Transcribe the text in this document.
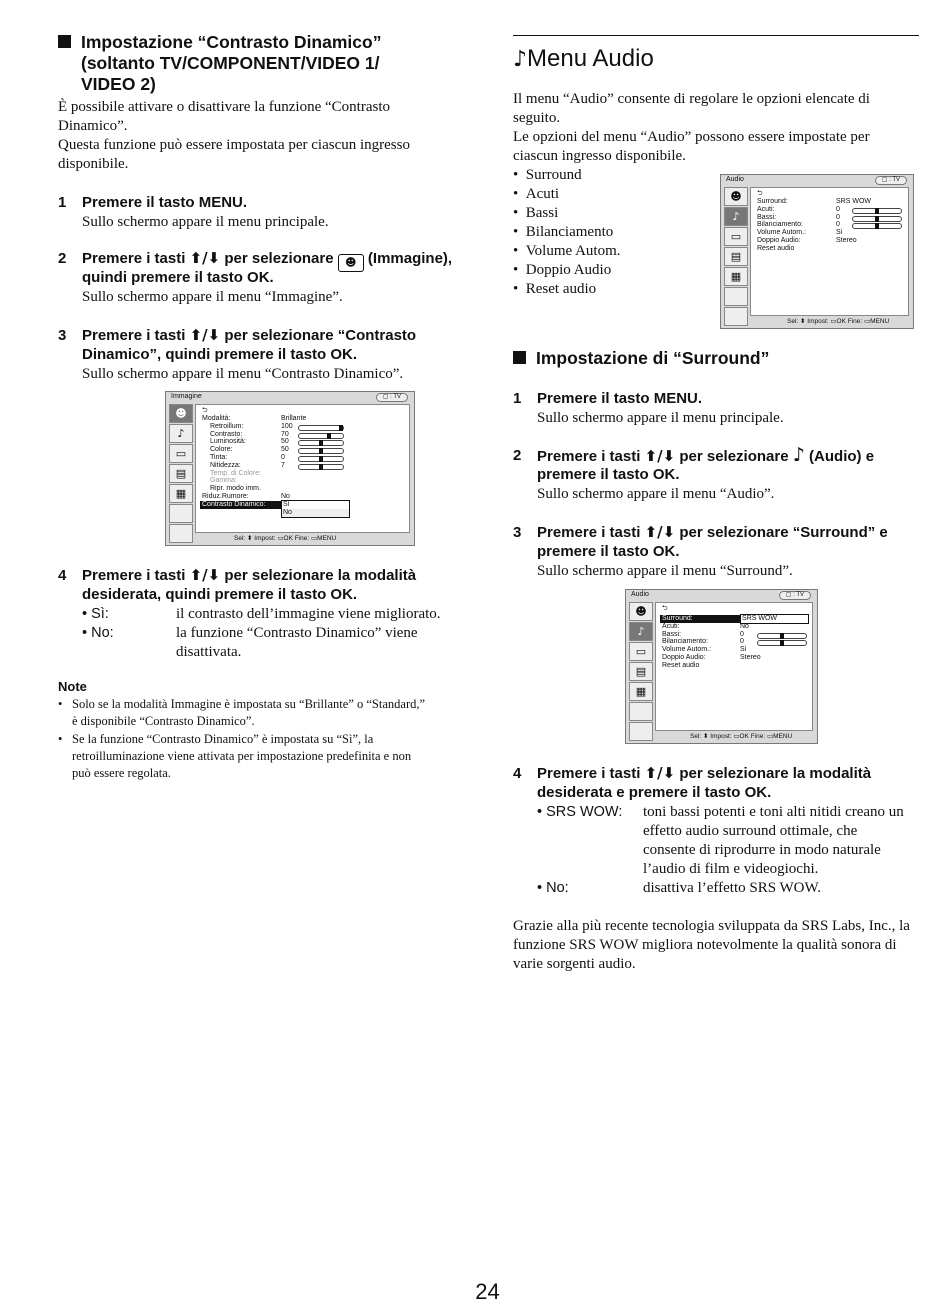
Impostazione “Contrasto Dinamico”
(soltanto TV/COMPONENT/VIDEO 1/
VIDEO 2)
È possibile attivare o disattivare la funzione “Contrasto
Dinamico”.
Questa funzione può essere impostata per ciascun ingresso
disponibile.
1 Premere il tasto MENU.
Sullo schermo appare il menu principale.
2 Premere i tasti ⬆/⬇ per selezionare ☻ (Immagine),
quindi premere il tasto OK.
Sullo schermo appare il menu “Immagine”.
3 Premere i tasti ⬆/⬇ per selezionare “Contrasto
Dinamico”, quindi premere il tasto OK.
Sullo schermo appare il menu “Contrasto Dinamico”.
Immagine	▢ : TV
☻
♪
▭
▤
▦
⮌
Modalità:	Brillante
Retroillum:	100
Contrasto:	70
Luminosità:	50
Colore:	50
Tinta:	0
Nitidezza:	7
Temp. di Colore:
Gamma:
Ripr. modo imm.
Riduz.Rumore:	No
Contrasto Dinamico:	Sì
No
Sel: ⬍ Impost: ▭OK Fine: ▭MENU
4 Premere i tasti ⬆/⬇ per selezionare la modalità
desiderata, quindi premere il tasto OK.
• Sì:	il contrasto dell’immagine viene migliorato.
• No:	la funzione “Contrasto Dinamico” viene
disattivata.
Note
• Solo se la modalità Immagine è impostata su “Brillante” o “Standard,”
è disponibile “Contrasto Dinamico”.
• Se la funzione “Contrasto Dinamico” è impostata su “Sì”, la
retroilluminazione viene attivata per impostazione predefinita e non
può essere regolata.
♪Menu Audio
Il menu “Audio” consente di regolare le opzioni elencate di
seguito.
Le opzioni del menu “Audio” possono essere impostate per
ciascun ingresso disponibile.
•  Surround
•  Acuti
•  Bassi
•  Bilanciamento
•  Volume Autom.
•  Doppio Audio
•  Reset audio
Audio	▢ : TV
☻
♪
▭
▤
▦
⮌
Surround:	SRS WOW
Acuti:	0
Bassi:	0
Bilanciamento:	0
Volume Autom.:	Sì
Doppio Audio:	Stereo
Reset audio
Sel: ⬍ Impost: ▭OK Fine: ▭MENU
Impostazione di “Surround”
1 Premere il tasto MENU.
Sullo schermo appare il menu principale.
2 Premere i tasti ⬆/⬇ per selezionare ♪ (Audio) e
premere il tasto OK.
Sullo schermo appare il menu “Audio”.
3 Premere i tasti ⬆/⬇ per selezionare “Surround” e
premere il tasto OK.
Sullo schermo appare il menu “Surround”.
Audio	▢ : TV
☻
♪
▭
▤
▦
⮌
Surround:	SRS WOW
Acuti:	No
Bassi:	0
Bilanciamento:	0
Volume Autom.:	Sì
Doppio Audio:	Stereo
Reset audio
Sel: ⬍ Impost: ▭OK Fine: ▭MENU
4 Premere i tasti ⬆/⬇ per selezionare la modalità
desiderata e premere il tasto OK.
• SRS WOW: toni bassi potenti e toni alti nitidi creano un
effetto audio surround ottimale, che
consente di riprodurre in modo naturale
l’audio di film e videogiochi.
• No:	disattiva l’effetto SRS WOW.
Grazie alla più recente tecnologia sviluppata da SRS Labs, Inc., la
funzione SRS WOW migliora notevolmente la qualità sonora di
varie sorgenti audio.
24
